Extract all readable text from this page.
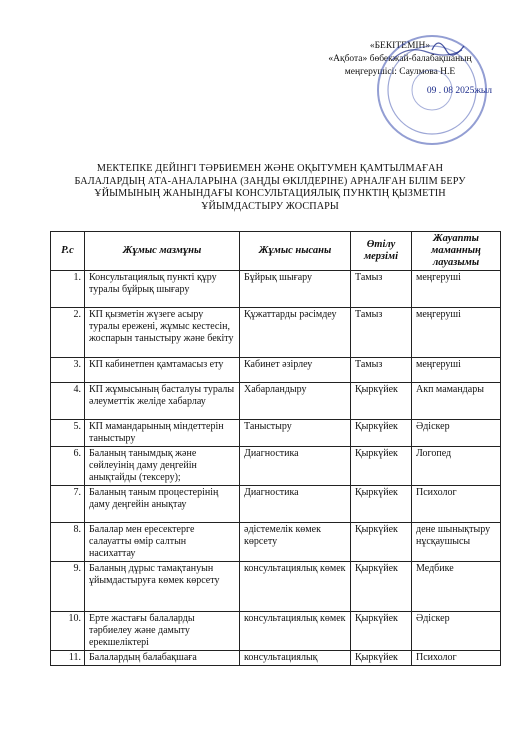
«БЕКІТЕМІН»
«Ақбота» бөбекжай-балабақшаның
меңгерушісі: Саулмова Н.Е
09 . 08 2025жыл
МЕКТЕПКЕ ДЕЙІНГІ ТӘРБИЕМЕН ЖӘНЕ ОҚЫТУМЕН ҚАМТЫЛМАҒАН
БАЛАЛАРДЫҢ АТА-АНАЛАРЫНА (ЗАҢДЫ ӨКІЛДЕРІНЕ) АРНАЛҒАН БІЛІМ БЕРУ
ҰЙЫМЫНЫҢ ЖАНЫНДАҒЫ КОНСУЛЬТАЦИЯЛЫҚ ПУНКТІҢ ҚЫЗМЕТІН
ҰЙЫМДАСТЫРУ ЖОСПАРЫ
Р.с	Жұмыс мазмұны	Жұмыс нысаны	Өтілу мерзімі	Жауапты маманның лауазымы
1.	Консультациялық пункті құру туралы бұйрық шығару	Бұйрық шығару	Тамыз	меңгеруші
2.	КП қызметін жүзеге асыру туралы ережені, жұмыс кестесін, жоспарын таныстыру және бекіту	Құжаттарды рәсімдеу	Тамыз	меңгеруші
3.	КП кабинетпен қамтамасыз ету	Кабинет әзірлеу	Тамыз	меңгеруші
4.	КП жұмысының басталуы туралы әлеуметтік желіде хабарлау	Хабарландыру	Қыркүйек	Акп мамандары
5.	КП мамандарының міндеттерін таныстыру	Таныстыру	Қыркүйек	Әдіскер
6.	Баланың танымдық және сөйлеуінің даму деңгейін анықтайды (тексеру);	Диагностика	Қыркүйек	Логопед
7.	Баланың таным процестерінің даму деңгейін анықтау	Диагностика	Қыркүйек	Психолог
8.	Балалар мен ересектерге салауатты өмір салтын насихаттау	әдістемелік көмек көрсету	Қыркүйек	дене шынықтыру нұсқаушысы
9.	Баланың дұрыс тамақтануын ұйымдастыруға көмек көрсету	консультациялық көмек	Қыркүйек	Медбике
10.	Ерте жастағы балаларды тәрбиелеу және дамыту ерекшеліктері	консультациялық көмек	Қыркүйек	Әдіскер
11.	Балалардың балабақшаға	консультациялық	Қыркүйек	Психолог
